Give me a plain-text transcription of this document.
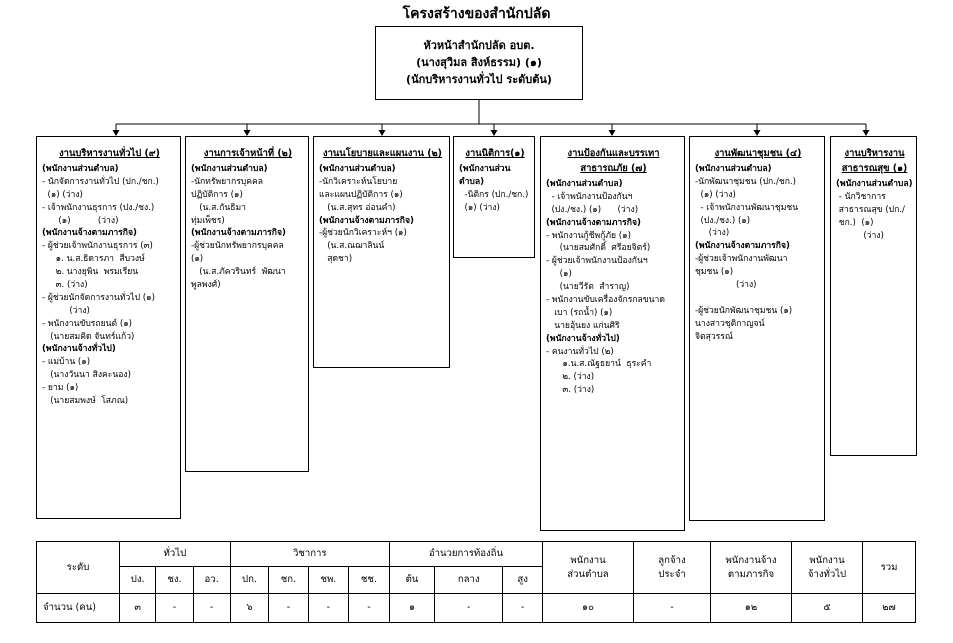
โครงสร้างของสำนักปลัด
หัวหน้าสำนักปลัด อบต.
(นางสุวิมล สิงห์ธรรม) (๑)
(นักบริหารงานทั่วไป ระดับต้น)
งานบริหารงานทั่วไป (๙)
(พนักงานส่วนตำบล)
- นักจัดการงานทั่วไป (ปก./ชก.)
(๑) (ว่าง)
- เจ้าพนักงานธุรการ (ปง./ชง.)
(๑)          (ว่าง)
(พนักงานจ้างตามภารกิจ)
- ผู้ช่วยเจ้าพนักงานธุรการ (๓)
๑. น.ส.ธิดารภา  สีบวงษ์
๒. นางยุพิน  พรมเรียน
๓. (ว่าง)
- ผู้ช่วยนักจัดการงานทั่วไป (๑)
(ว่าง)
- พนักงานขับรถยนต์ (๑)
(นายสมคิด จันทร์แก้ว)
(พนักงานจ้างทั่วไป)
- แม่บ้าน (๑)
(นางวันนา สิงคะนอง)
- ยาม (๑)
(นายสมพงษ์  โสภณ)
งานการเจ้าหน้าที่ (๒)
(พนักงานส่วนตำบล)
-นักทรัพยากรบุคคล
ปฏิบัติการ (๑)
(น.ส.กันธิมา
ทุ่มเพ็ชร)
(พนักงานจ้างตามภารกิจ)
-ผู้ช่วยนักทรัพยากรบุคคล
(๑)
(น.ส.ภัควรินทร์  พัฒนา
พูลพงศ์)
งานนโยบายและแผนงาน (๒)
(พนักงานส่วนตำบล)
-นักวิเคราะห์นโยบาย
และแผนปฏิบัติการ (๑)
(น.ส.สุทร อ่อนคำ)
(พนักงานจ้างตามภารกิจ)
-ผู้ช่วยนักวิเคราะห์ฯ (๑)
(น.ส.ณฌาลินน์
สุดชา)
งานนิติการ(๑)
(พนักงานส่วน
ตำบล)
-นิติกร (ปก./ชก.)
(๑) (ว่าง)
งานป้องกันและบรรเทาสาธารณภัย (๗)
(พนักงานส่วนตำบล)
- เจ้าพนักงานป้องกันฯ
(ปง./ชง.) (๑)      (ว่าง)
(พนักงานจ้างตามภารกิจ)
- พนักงานกู้ชีพกู้ภัย (๑)
(นายสมศักดิ์  ศรีอยจิตร์)
- ผู้ช่วยเจ้าพนักงานป้องกันฯ
(๑)
(นายวีรัต  สำราญ)
- พนักงานขับเครื่องจักรกลขนาด
เบา (รถน้ำ) (๑)
นายอุ้นยง แก่นศิริ
(พนักงานจ้างทั่วไป)
- คนงานทั่วไป (๒)
๑.น.ส.ณัฐธยาน์  ธุระคำ
๒. (ว่าง)
๓. (ว่าง)
งานพัฒนาชุมชน (๔)
(พนักงานส่วนตำบล)
-นักพัฒนาชุมชน (ปก./ชก.)
(๑) (ว่าง)
- เจ้าพนักงานพัฒนาชุมชน
(ปง./ชง.) (๑)
(ว่าง)
(พนักงานจ้างตามภารกิจ)
-ผู้ช่วยเจ้าพนักงานพัฒนา
ชุมชน (๑)
(ว่าง)

-ผู้ช่วยนักพัฒนาชุมชน (๑)
นางสาวชุติกาญจน์
จิตสุวรรณ์
งานบริหารงานสาธารณสุข (๑)
(พนักงานส่วนตำบล)
- นักวิชาการ
สาธารณสุข (ปก./
ชก.)  (๑)
(ว่าง)
ระดับ	ทั่วไป			วิชาการ				อำนวยการท้องถิ่น			พนักงาน
ส่วนตำบล	ลูกจ้าง
ประจำ	พนักงานจ้าง
ตามภารกิจ	พนักงาน
จ้างทั่วไป	รวม
	ปง.	ชง.	อว.	ปก.	ชก.	ชพ.	ชช.	ต้น	กลาง	สูง					
จำนวน (คน)	๓	-	-	๖	-	-	-	๑	-	-	๑๐	-	๑๒	๕	๒๗
